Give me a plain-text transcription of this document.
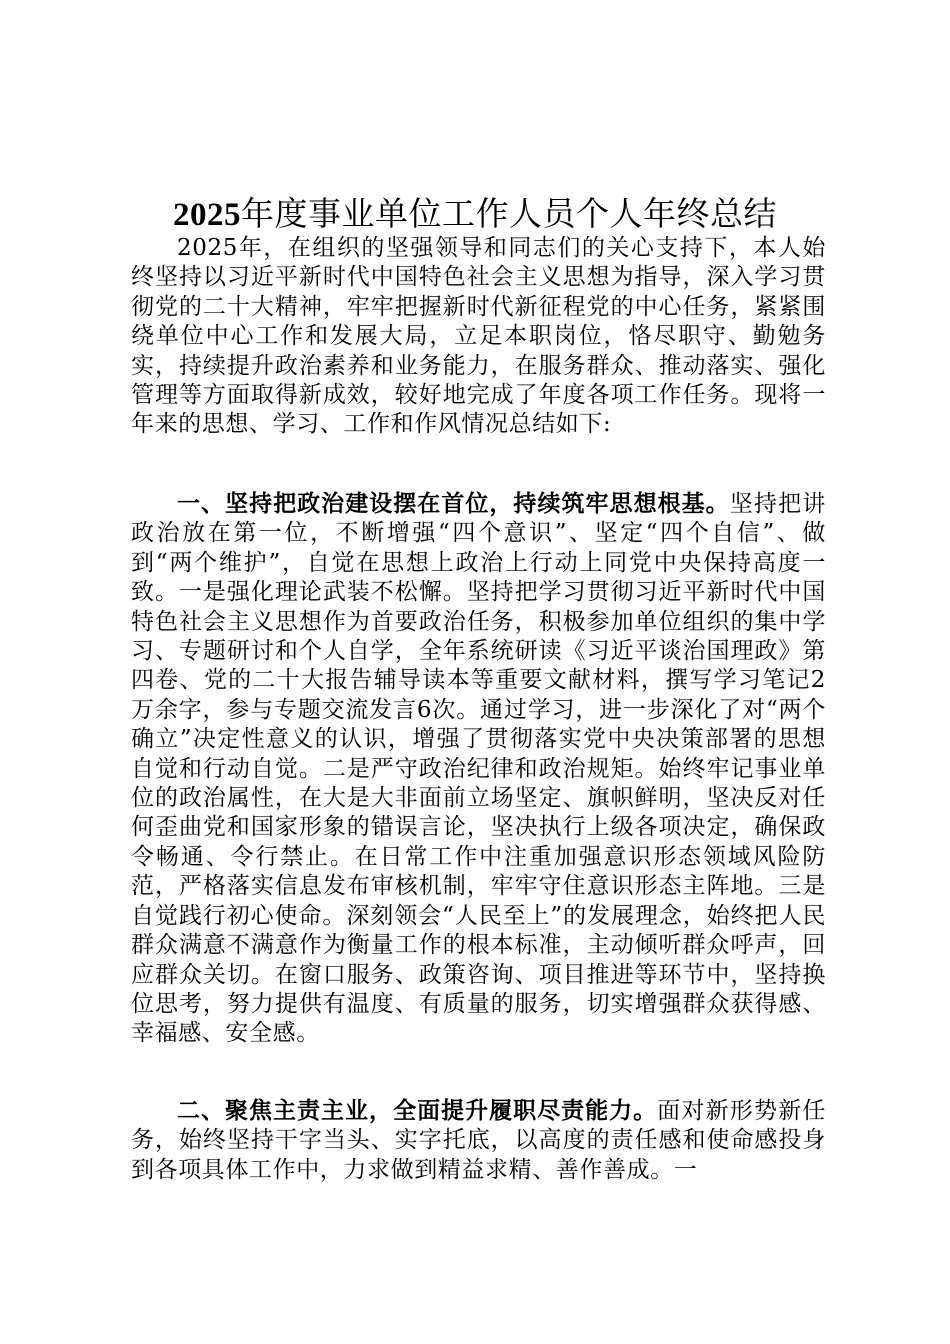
2025年度事业单位工作人员个人年终总结

2025年，在组织的坚强领导和同志们的关心支持下，本人始终坚持以习近平新时代中国特色社会主义思想为指导，深入学习贯彻党的二十大精神，牢牢把握新时代新征程党的中心任务，紧紧围绕单位中心工作和发展大局，立足本职岗位，恪尽职守、勤勉务实，持续提升政治素养和业务能力，在服务群众、推动落实、强化管理等方面取得新成效，较好地完成了年度各项工作任务。现将一年来的思想、学习、工作和作风情况总结如下:

一、坚持把政治建设摆在首位，持续筑牢思想根基。坚持把讲政治放在第一位，不断增强“四个意识”、坚定“四个自信”、做到“两个维护”，自觉在思想上政治上行动上同党中央保持高度一致。一是强化理论武装不松懈。坚持把学习贯彻习近平新时代中国特色社会主义思想作为首要政治任务，积极参加单位组织的集中学习、专题研讨和个人自学，全年系统研读《习近平谈治国理政》第四卷、党的二十大报告辅导读本等重要文献材料，撰写学习笔记2万余字，参与专题交流发言6次。通过学习，进一步深化了对“两个确立”决定性意义的认识，增强了贯彻落实党中央决策部署的思想自觉和行动自觉。二是严守政治纪律和政治规矩。始终牢记事业单位的政治属性，在大是大非面前立场坚定、旗帜鲜明，坚决反对任何歪曲党和国家形象的错误言论，坚决执行上级各项决定，确保政令畅通、令行禁止。在日常工作中注重加强意识形态领域风险防范，严格落实信息发布审核机制，牢牢守住意识形态主阵地。三是自觉践行初心使命。深刻领会“人民至上”的发展理念，始终把人民群众满意不满意作为衡量工作的根本标准，主动倾听群众呼声，回应群众关切。在窗口服务、政策咨询、项目推进等环节中，坚持换位思考，努力提供有温度、有质量的服务，切实增强群众获得感、幸福感、安全感。

二、聚焦主责主业，全面提升履职尽责能力。面对新形势新任务，始终坚持干字当头、实字托底，以高度的责任感和使命感投身到各项具体工作中，力求做到精益求精、善作善成。一
